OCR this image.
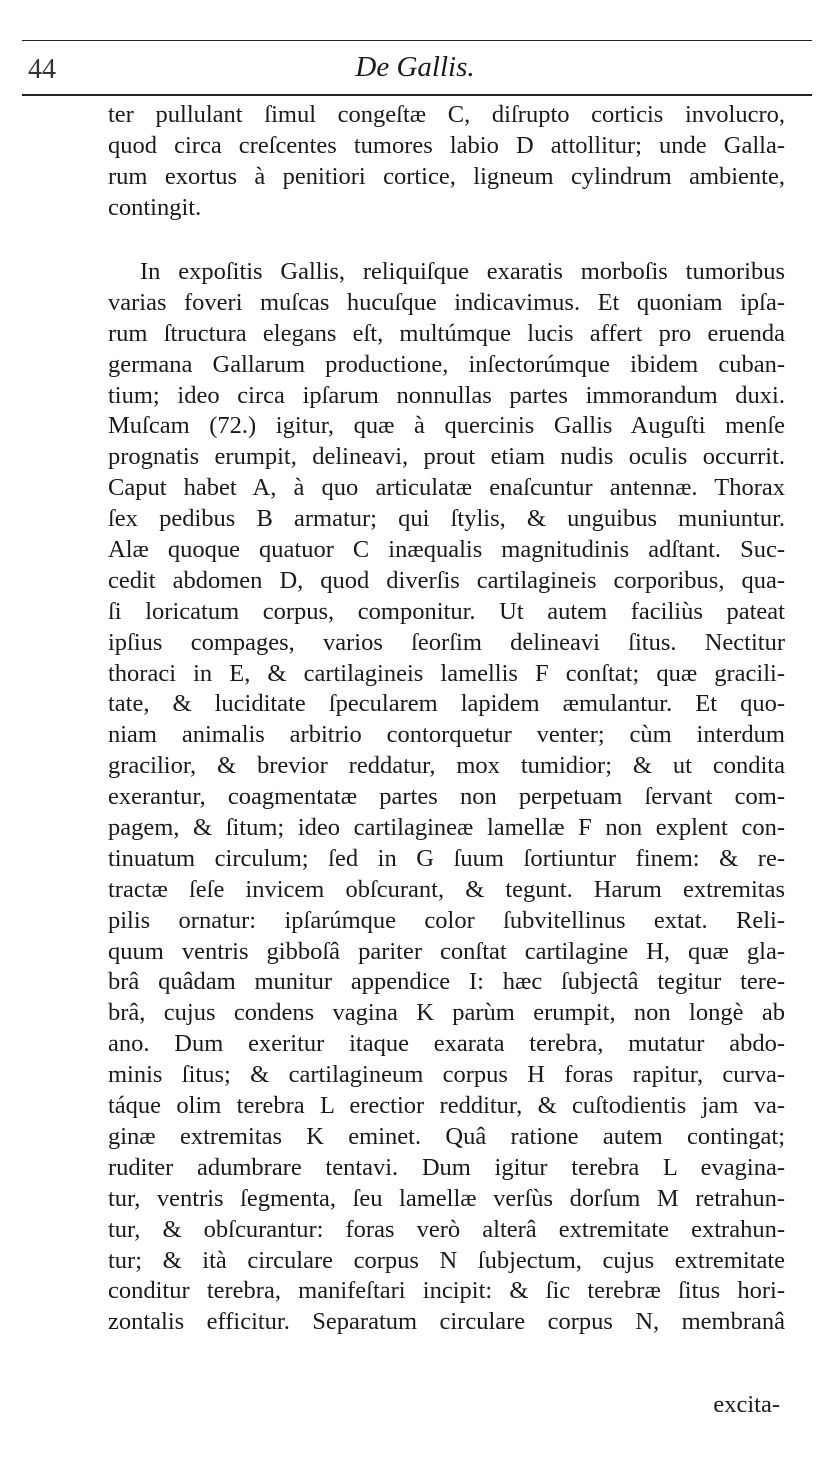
44	De Gallis.
ter pullulant ſimul congeſtæ C, diſrupto corticis involucro,
quod circa creſcentes tumores labio D attollitur; unde Galla-
rum exortus à penitiori cortice, ligneum cylindrum ambiente,
contingit.
In expoſitis Gallis, reliquiſque exaratis morboſis tumoribus
varias foveri muſcas hucuſque indicavimus. Et quoniam ipſa-
rum ſtructura elegans eſt, multúmque lucis affert pro eruenda
germana Gallarum productione, inſectorúmque ibidem cuban-
tium; ideo circa ipſarum nonnullas partes immorandum duxi.
Muſcam (72.) igitur, quæ à quercinis Gallis Auguſti menſe
prognatis erumpit, delineavi, prout etiam nudis oculis occurrit.
Caput habet A, à quo articulatæ enaſcuntur antennæ. Thorax
ſex pedibus B armatur; qui ſtylis, & unguibus muniuntur.
Alæ quoque quatuor C inæqualis magnitudinis adſtant. Suc-
cedit abdomen D, quod diverſis cartilagineis corporibus, qua-
ſi loricatum corpus, componitur. Ut autem faciliùs pateat
ipſius compages, varios ſeorſim delineavi ſitus. Nectitur
thoraci in E, & cartilagineis lamellis F conſtat; quæ gracili-
tate, & luciditate ſpecularem lapidem æmulantur. Et quo-
niam animalis arbitrio contorquetur venter; cùm interdum
gracilior, & brevior reddatur, mox tumidior; & ut condita
exerantur, coagmentatæ partes non perpetuam ſervant com-
pagem, & ſitum; ideo cartilagineæ lamellæ F non explent con-
tinuatum circulum; ſed in G ſuum ſortiuntur finem: & re-
tractæ ſeſe invicem obſcurant, & tegunt. Harum extremitas
pilis ornatur: ipſarúmque color ſubvitellinus extat. Reli-
quum ventris gibboſâ pariter conſtat cartilagine H, quæ gla-
brâ quâdam munitur appendice I: hæc ſubjectâ tegitur tere-
brâ, cujus condens vagina K parùm erumpit, non longè ab
ano. Dum exeritur itaque exarata terebra, mutatur abdo-
minis ſitus; & cartilagineum corpus H foras rapitur, curva-
táque olim terebra L erectior redditur, & cuſtodientis jam va-
ginæ extremitas K eminet. Quâ ratione autem contingat;
ruditer adumbrare tentavi. Dum igitur terebra L evagina-
tur, ventris ſegmenta, ſeu lamellæ verſùs dorſum M retrahun-
tur, & obſcurantur: foras verò alterâ extremitate extrahun-
tur; & ità circulare corpus N ſubjectum, cujus extremitate
conditur terebra, manifeſtari incipit: & ſic terebræ ſitus hori-
zontalis efficitur. Separatum circulare corpus N, membranâ
excita-
